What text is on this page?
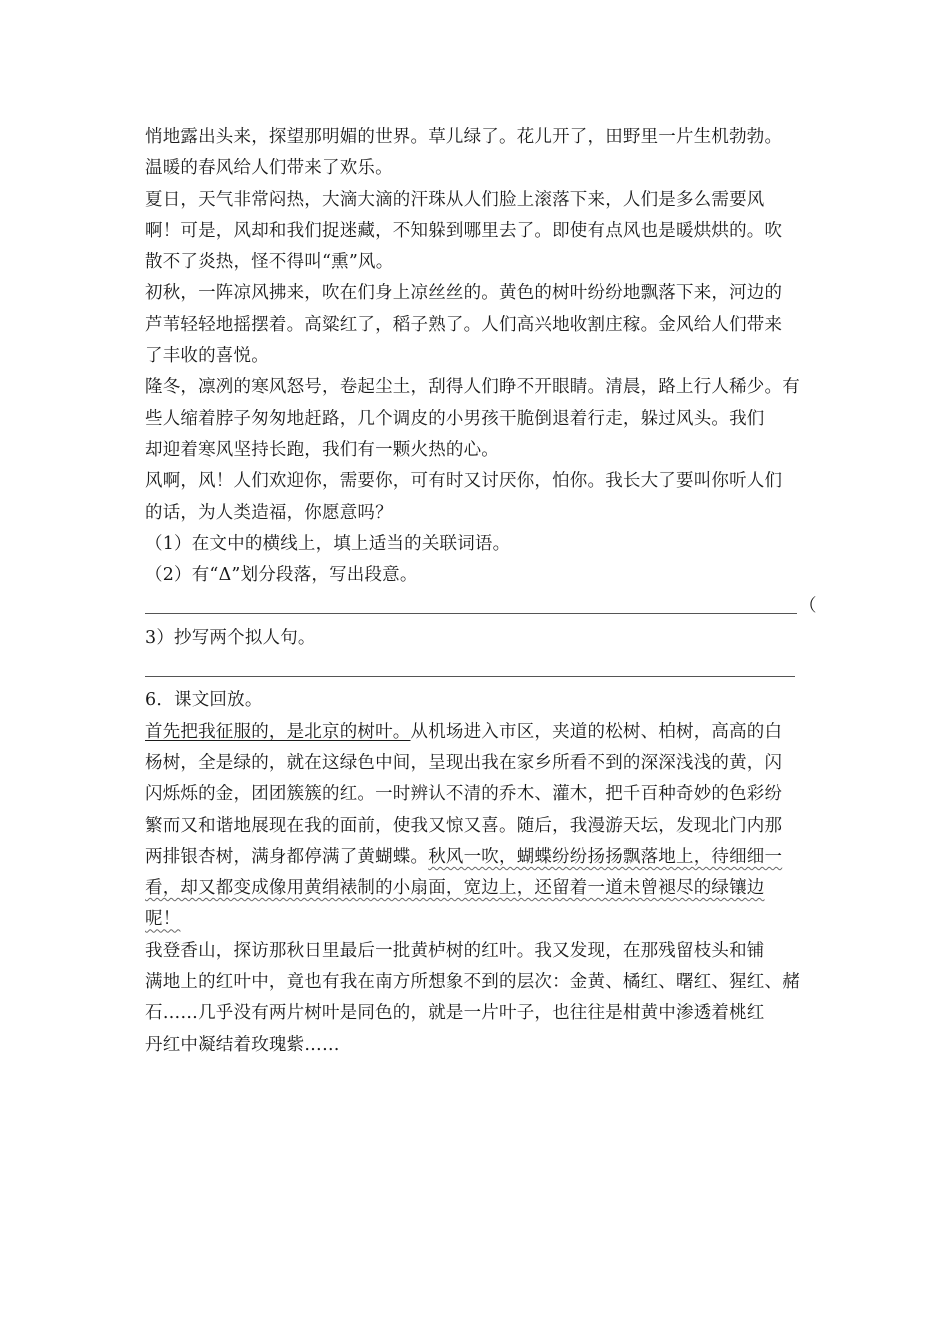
悄地露出头来，探望那明媚的世界。草儿绿了。花儿开了，田野里一片生机勃勃。
温暖的春风给人们带来了欢乐。
夏日，天气非常闷热，大滴大滴的汗珠从人们脸上滚落下来，人们是多么需要风
啊！可是，风却和我们捉迷藏，不知躲到哪里去了。即使有点风也是暖烘烘的。吹
散不了炎热，怪不得叫“熏”风。
初秋，一阵凉风拂来，吹在们身上凉丝丝的。黄色的树叶纷纷地飘落下来，河边的
芦苇轻轻地摇摆着。高粱红了，稻子熟了。人们高兴地收割庄稼。金风给人们带来
了丰收的喜悦。
隆冬，凛冽的寒风怒号，卷起尘土，刮得人们睁不开眼睛。清晨，路上行人稀少。有
些人缩着脖子匆匆地赶路，几个调皮的小男孩干脆倒退着行走，躲过风头。我们
却迎着寒风坚持长跑，我们有一颗火热的心。
风啊，风！人们欢迎你，需要你，可有时又讨厌你，怕你。我长大了要叫你听人们
的话，为人类造福，你愿意吗？
（1）在文中的横线上，填上适当的关联词语。
（2）有“Δ”划分段落，写出段意。
（
3）抄写两个拟人句。
6．课文回放。
首先把我征服的，是北京的树叶。从机场进入市区，夹道的松树、柏树，高高的白
杨树，全是绿的，就在这绿色中间，呈现出我在家乡所看不到的深深浅浅的黄，闪
闪烁烁的金，团团簇簇的红。一时辨认不清的乔木、灌木，把千百种奇妙的色彩纷
繁而又和谐地展现在我的面前，使我又惊又喜。随后，我漫游天坛，发现北门内那
两排银杏树，满身都停满了黄蝴蝶。秋风一吹，蝴蝶纷纷扬扬飘落地上，待细细一
看，却又都变成像用黄绢裱制的小扇面，宽边上，还留着一道未曾褪尽的绿镶边
呢！
我登香山，探访那秋日里最后一批黄栌树的红叶。我又发现，在那残留枝头和铺
满地上的红叶中，竟也有我在南方所想象不到的层次：金黄、橘红、曙红、猩红、赭
石……几乎没有两片树叶是同色的，就是一片叶子，也往往是柑黄中渗透着桃红
丹红中凝结着玫瑰紫……
